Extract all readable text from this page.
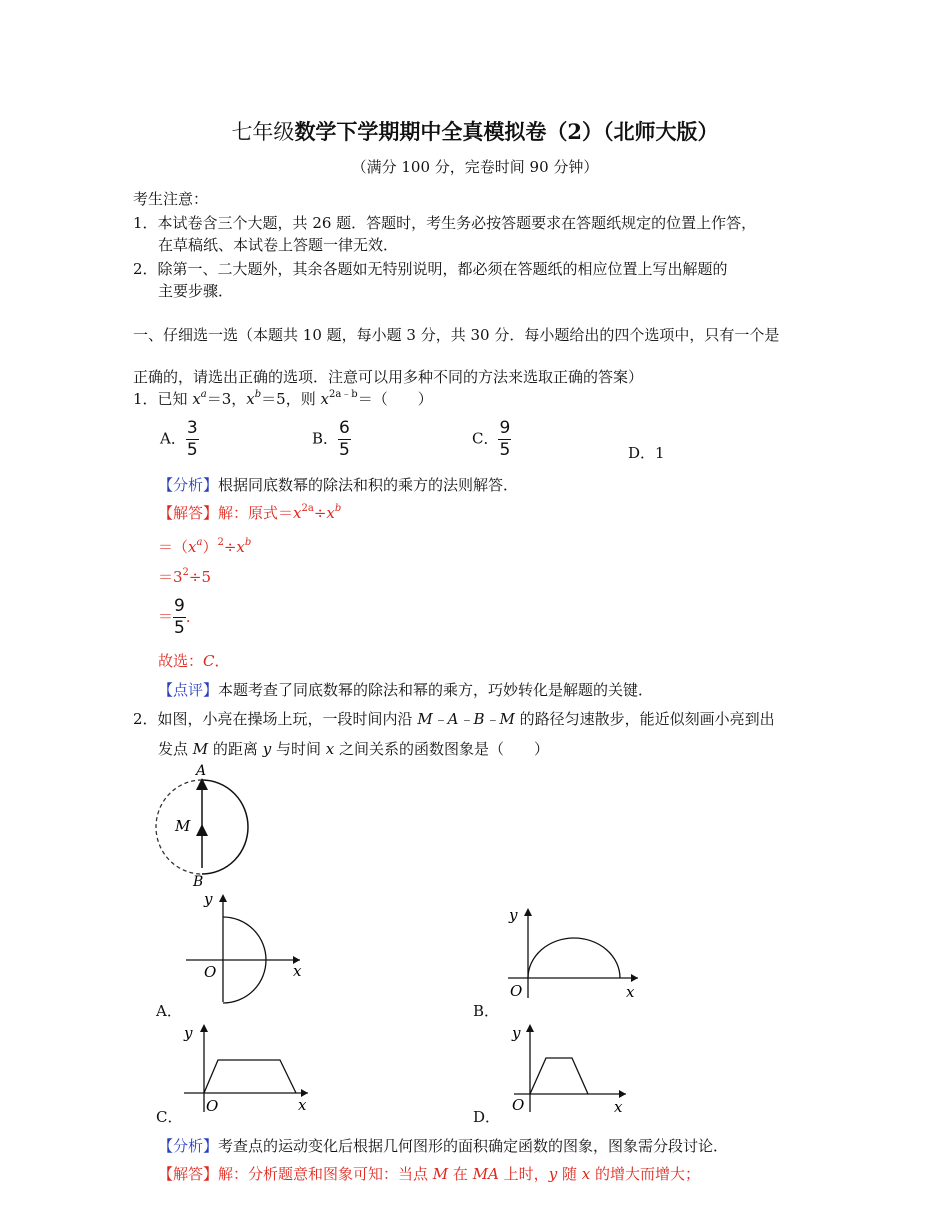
七年级数学下学期期中全真模拟卷（2）（北师大版）
（满分 100 分，完卷时间 90 分钟）
考生注意：
1．本试卷含三个大题，共 26 题．答题时，考生务必按答题要求在答题纸规定的位置上作答，
在草稿纸、本试卷上答题一律无效．
2．除第一、二大题外，其余各题如无特别说明，都必须在答题纸的相应位置上写出解题的
主要步骤．
一、仔细选一选（本题共 10 题，每小题 3 分，共 30 分．每小题给出的四个选项中，只有一个是
正确的，请选出正确的选项．注意可以用多种不同的方法来选取正确的答案）
1．已知 $x^a=3$，$x^b=5$，则 $x^{2a﹣b}=$（　　）
A． $\frac{3}{5}$	B． $\frac{6}{5}$	C． $\frac{9}{5}$	D．1
【分析】根据同底数幂的除法和积的乘方的法则解答．
【解答】解：原式$=x^{2a}\div x^b$
$=(x^a)^2\div x^b$
$=3^2\div 5$
＝ $\frac{9}{5}$ ．
故选：C．
【点评】本题考查了同底数幂的除法和幂的乘方，巧妙转化是解题的关键．
2．如图，小亮在操场上玩，一段时间内沿 M﹣A﹣B﹣M 的路径匀速散步，能近似刻画小亮到出
发点 M 的距离 y 与时间 x 之间关系的函数图象是（　　）
A
M
B
y
O	x
A．
y
O	x
B．
y
O	x
C．
y
O	x
D．
【分析】考查点的运动变化后根据几何图形的面积确定函数的图象，图象需分段讨论．
【解答】解：分析题意和图象可知：当点 M 在 MA 上时，y 随 x 的增大而增大；
